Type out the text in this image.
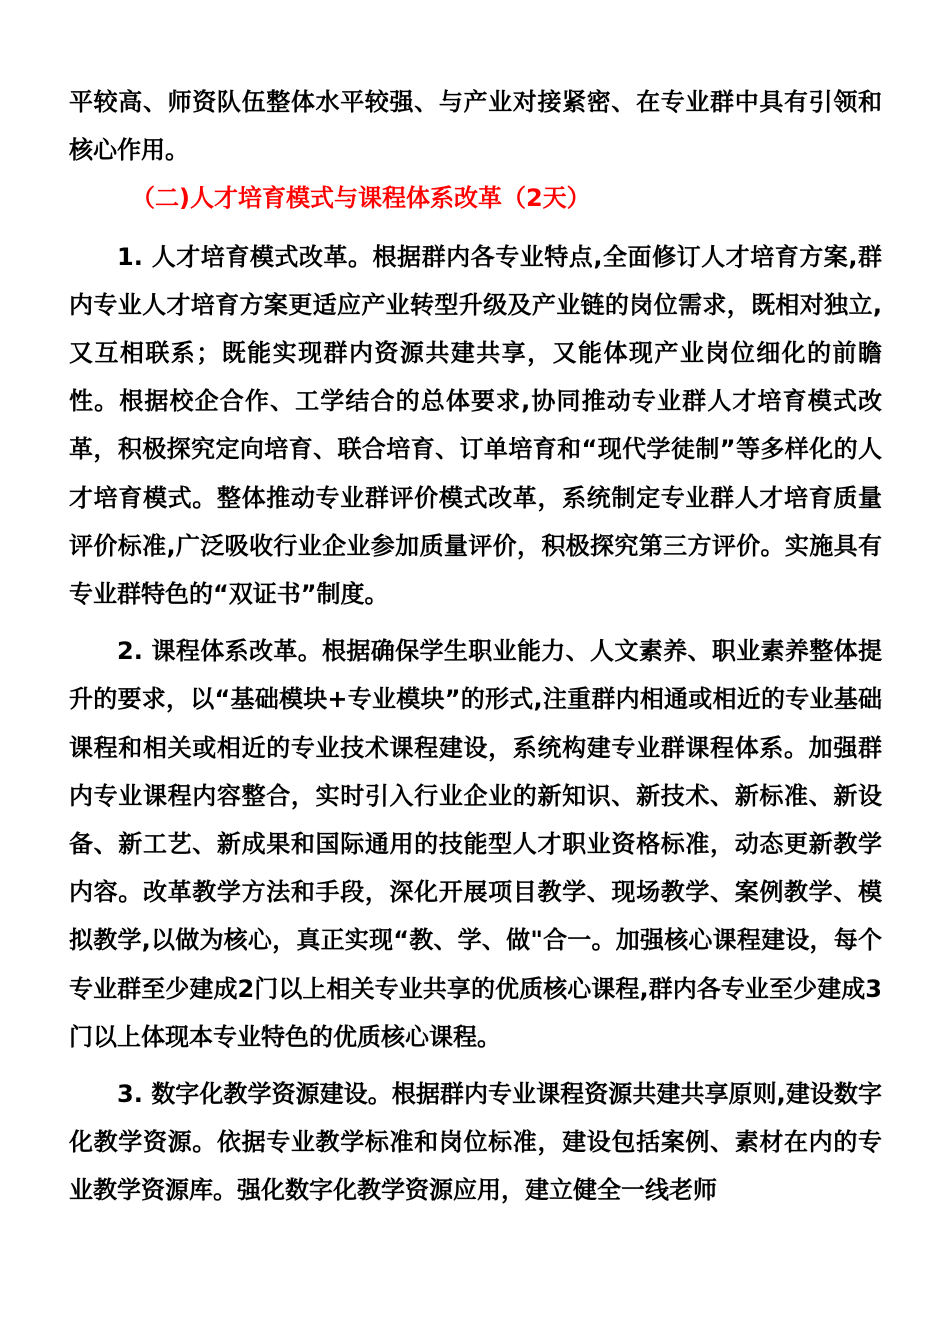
平较高、师资队伍整体水平较强、与产业对接紧密、在专业群中具有引领和核心作用。

（二)人才培育模式与课程体系改革（2天）

1. 人才培育模式改革。根据群内各专业特点,全面修订人才培育方案,群内专业人才培育方案更适应产业转型升级及产业链的岗位需求，既相对独立,又互相联系；既能实现群内资源共建共享，又能体现产业岗位细化的前瞻性。根据校企合作、工学结合的总体要求,协同推动专业群人才培育模式改革，积极探究定向培育、联合培育、订单培育和“现代学徒制”等多样化的人才培育模式。整体推动专业群评价模式改革，系统制定专业群人才培育质量评价标准,广泛吸收行业企业参加质量评价，积极探究第三方评价。实施具有专业群特色的“双证书”制度。

2. 课程体系改革。根据确保学生职业能力、人文素养、职业素养整体提升的要求，以“基础模块+专业模块”的形式,注重群内相通或相近的专业基础课程和相关或相近的专业技术课程建设，系统构建专业群课程体系。加强群内专业课程内容整合，实时引入行业企业的新知识、新技术、新标准、新设备、新工艺、新成果和国际通用的技能型人才职业资格标准，动态更新教学内容。改革教学方法和手段，深化开展项目教学、现场教学、案例教学、模拟教学,以做为核心，真正实现“教、学、做"合一。加强核心课程建设，每个专业群至少建成2门以上相关专业共享的优质核心课程,群内各专业至少建成3门以上体现本专业特色的优质核心课程。

3. 数字化教学资源建设。根据群内专业课程资源共建共享原则,建设数字化教学资源。依据专业教学标准和岗位标准，建设包括案例、素材在内的专业教学资源库。强化数字化教学资源应用，建立健全一线老师
